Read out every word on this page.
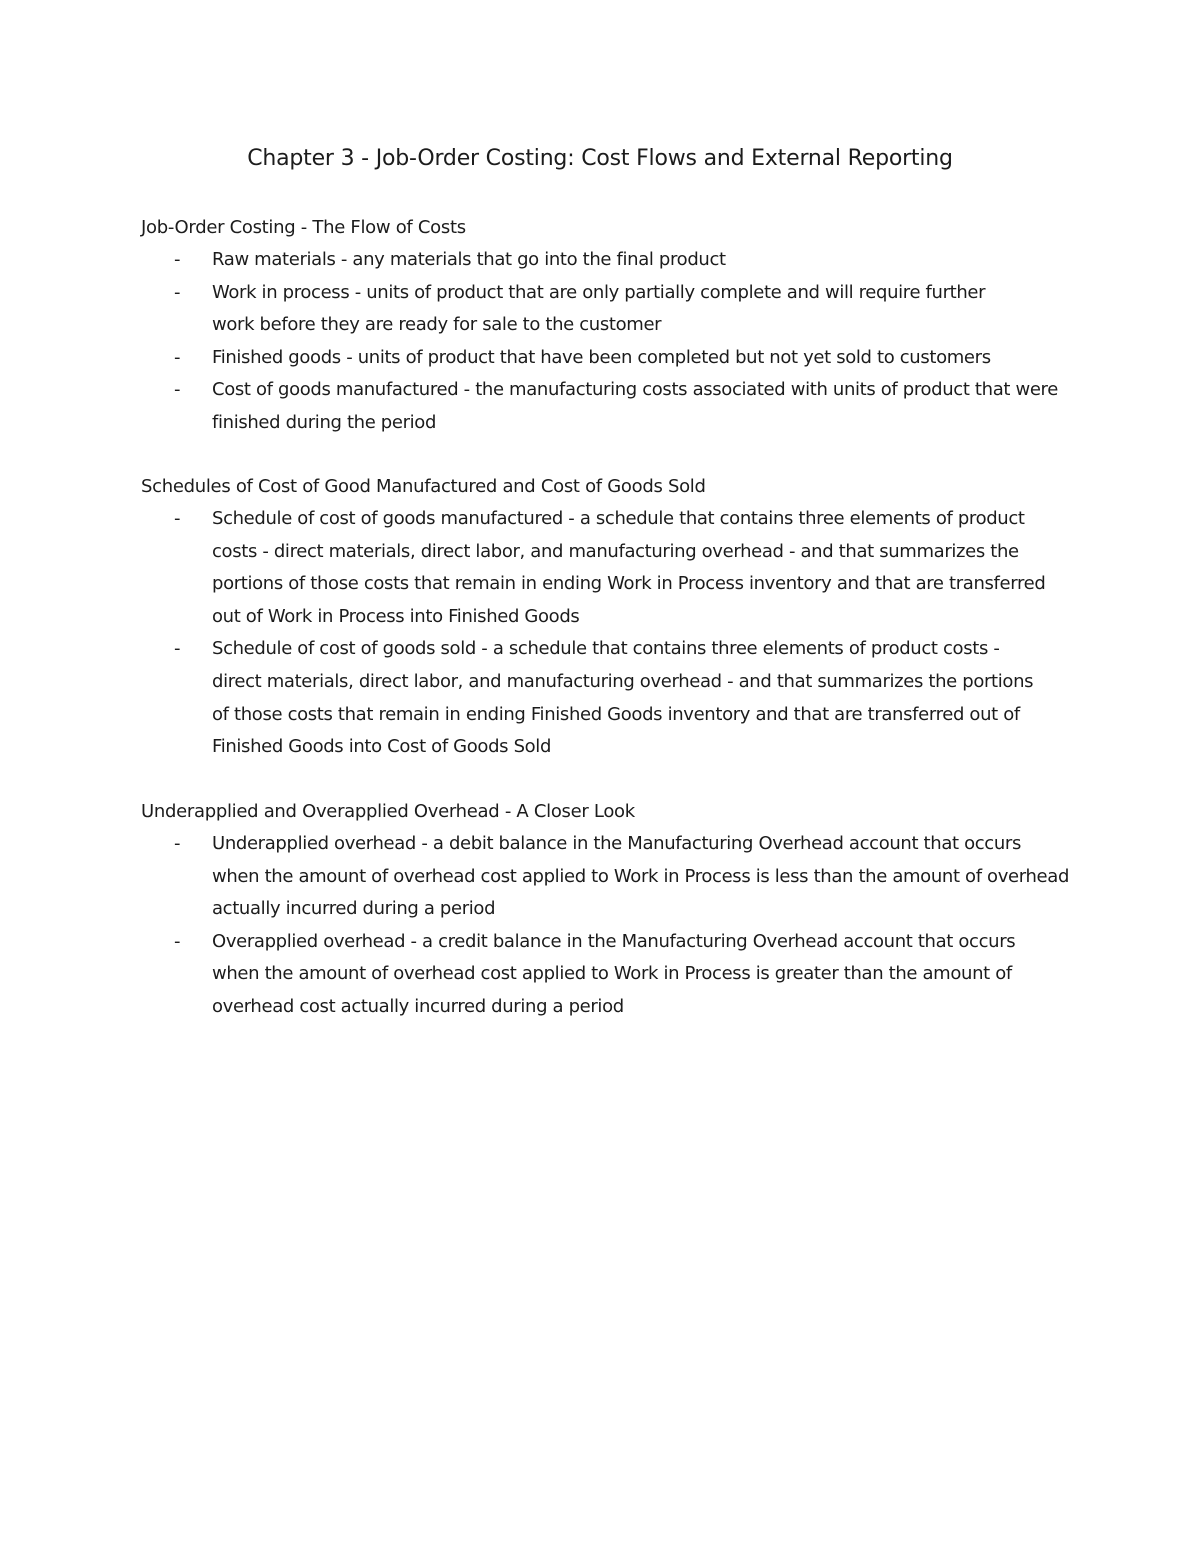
Chapter 3 - Job-Order Costing: Cost Flows and External Reporting
Job-Order Costing - The Flow of Costs
- Raw materials - any materials that go into the final product
- Work in process - units of product that are only partially complete and will require further work before they are ready for sale to the customer
- Finished goods - units of product that have been completed but not yet sold to customers
- Cost of goods manufactured - the manufacturing costs associated with units of product that were finished during the period
Schedules of Cost of Good Manufactured and Cost of Goods Sold
- Schedule of cost of goods manufactured - a schedule that contains three elements of product costs - direct materials, direct labor, and manufacturing overhead - and that summarizes the portions of those costs that remain in ending Work in Process inventory and that are transferred out of Work in Process into Finished Goods
- Schedule of cost of goods sold - a schedule that contains three elements of product costs - direct materials, direct labor, and manufacturing overhead - and that summarizes the portions of those costs that remain in ending Finished Goods inventory and that are transferred out of Finished Goods into Cost of Goods Sold
Underapplied and Overapplied Overhead - A Closer Look
- Underapplied overhead - a debit balance in the Manufacturing Overhead account that occurs when the amount of overhead cost applied to Work in Process is less than the amount of overhead actually incurred during a period
- Overapplied overhead - a credit balance in the Manufacturing Overhead account that occurs when the amount of overhead cost applied to Work in Process is greater than the amount of overhead cost actually incurred during a period
